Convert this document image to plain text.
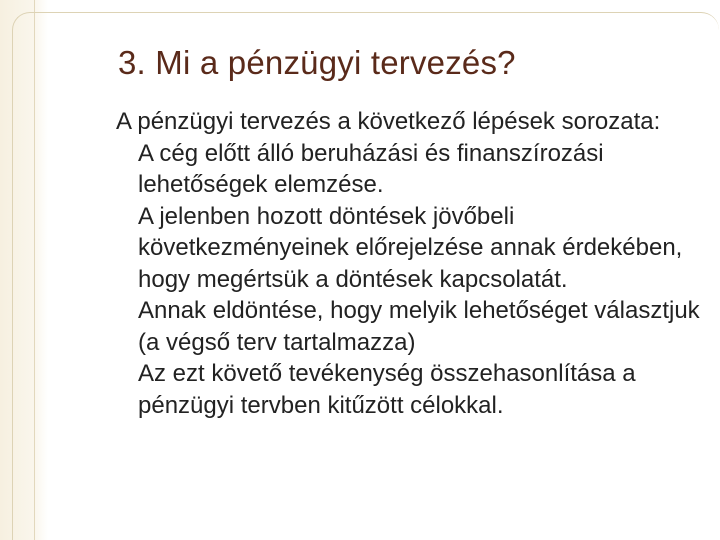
3. Mi a pénzügyi tervezés?

A pénzügyi tervezés a következő lépések sorozata:

A cég előtt álló beruházási és finanszírozási lehetőségek elemzése.
A jelenben hozott döntések jövőbeli következményeinek előrejelzése annak érdekében, hogy megértsük a döntések kapcsolatát.
Annak eldöntése, hogy melyik lehetőséget választjuk (a végső terv tartalmazza)
Az ezt követő tevékenység összehasonlítása a pénzügyi tervben kitűzött célokkal.
